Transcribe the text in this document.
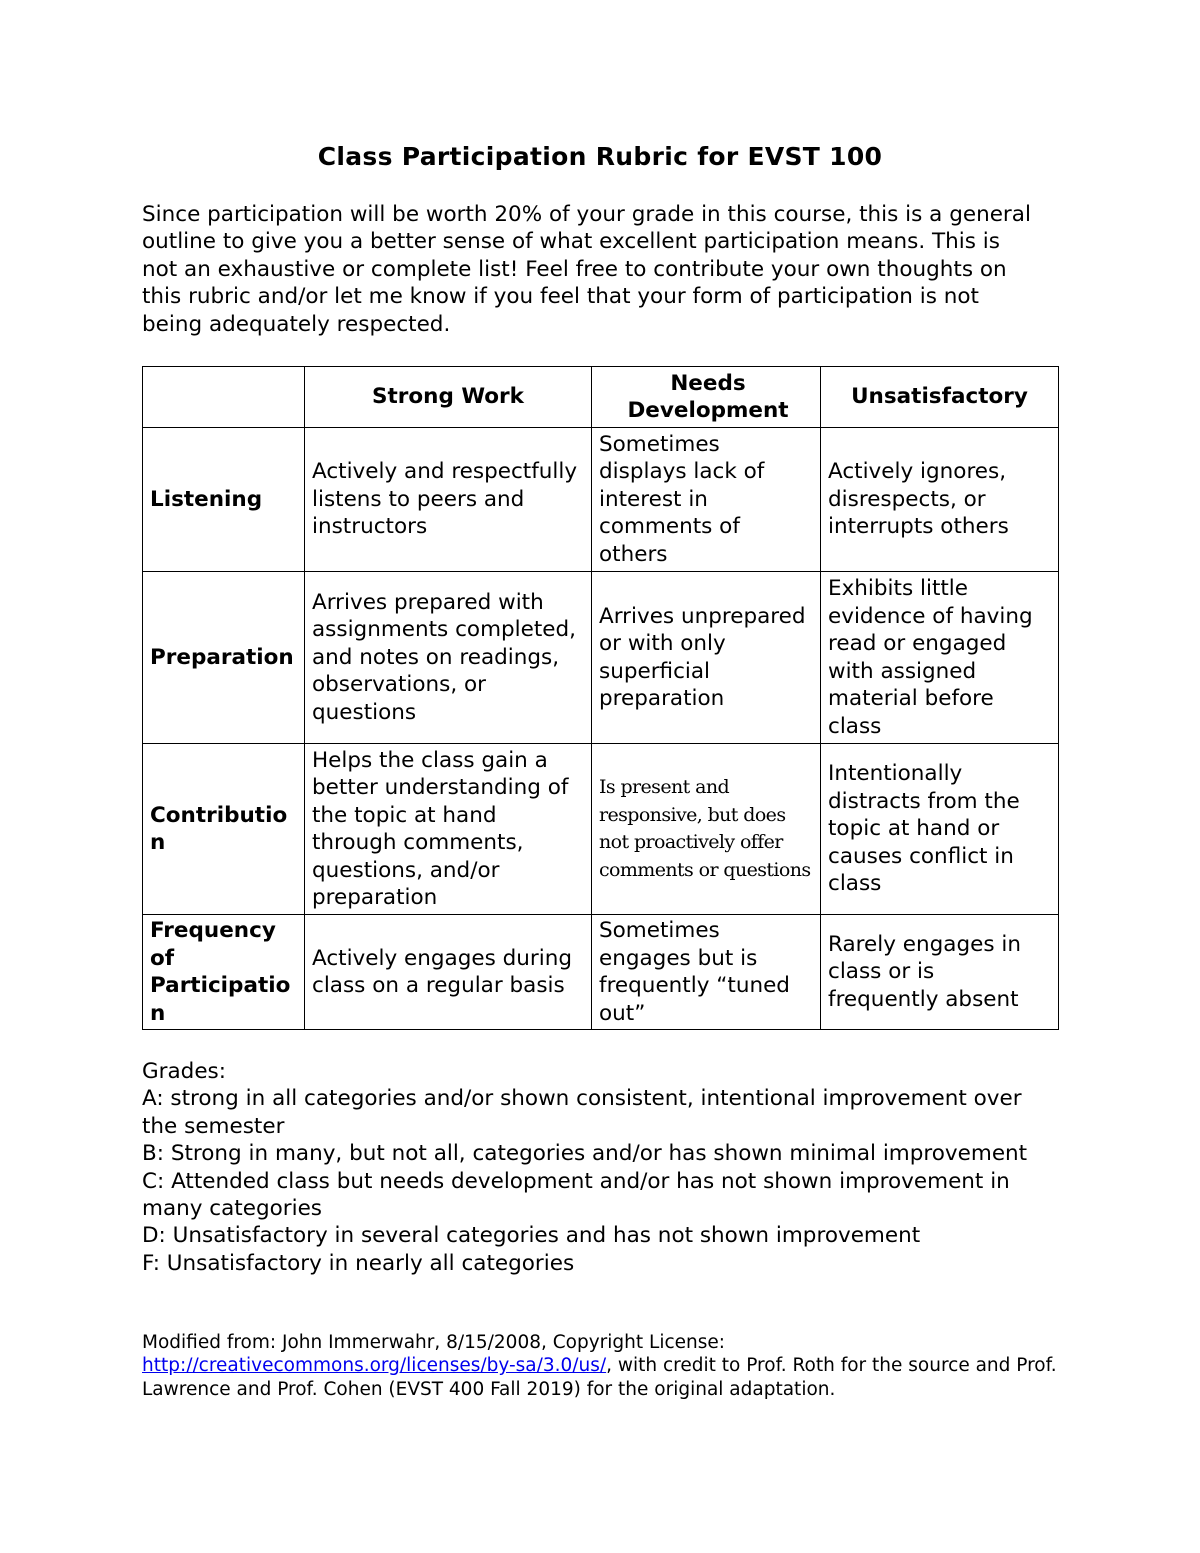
Class Participation Rubric for EVST 100
Since participation will be worth 20% of your grade in this course, this is a general outline to give you a better sense of what excellent participation means. This is not an exhaustive or complete list! Feel free to contribute your own thoughts on this rubric and/or let me know if you feel that your form of participation is not being adequately respected.
	Strong Work	Needs Development	Unsatisfactory
Listening	Actively and respectfully listens to peers and instructors	Sometimes displays lack of interest in comments of others	Actively ignores, disrespects, or interrupts others
Preparation	Arrives prepared with assignments completed, and notes on readings, observations, or questions	Arrives unprepared or with only superficial preparation	Exhibits little evidence of having read or engaged with assigned material before class
Contribution	Helps the class gain a better understanding of the topic at hand through comments, questions, and/or preparation	Is present and responsive, but does not proactively offer comments or questions	Intentionally distracts from the topic at hand or causes conflict in class
Frequency of Participation	Actively engages during class on a regular basis	Sometimes engages but is frequently “tuned out”	Rarely engages in class or is frequently absent
Grades:
A: strong in all categories and/or shown consistent, intentional improvement over the semester
B: Strong in many, but not all, categories and/or has shown minimal improvement
C: Attended class but needs development and/or has not shown improvement in many categories
D: Unsatisfactory in several categories and has not shown improvement
F: Unsatisfactory in nearly all categories
Modified from: John Immerwahr, 8/15/2008, Copyright License: http://creativecommons.org/licenses/by-sa/3.0/us/, with credit to Prof. Roth for the source and Prof. Lawrence and Prof. Cohen (EVST 400 Fall 2019) for the original adaptation.
